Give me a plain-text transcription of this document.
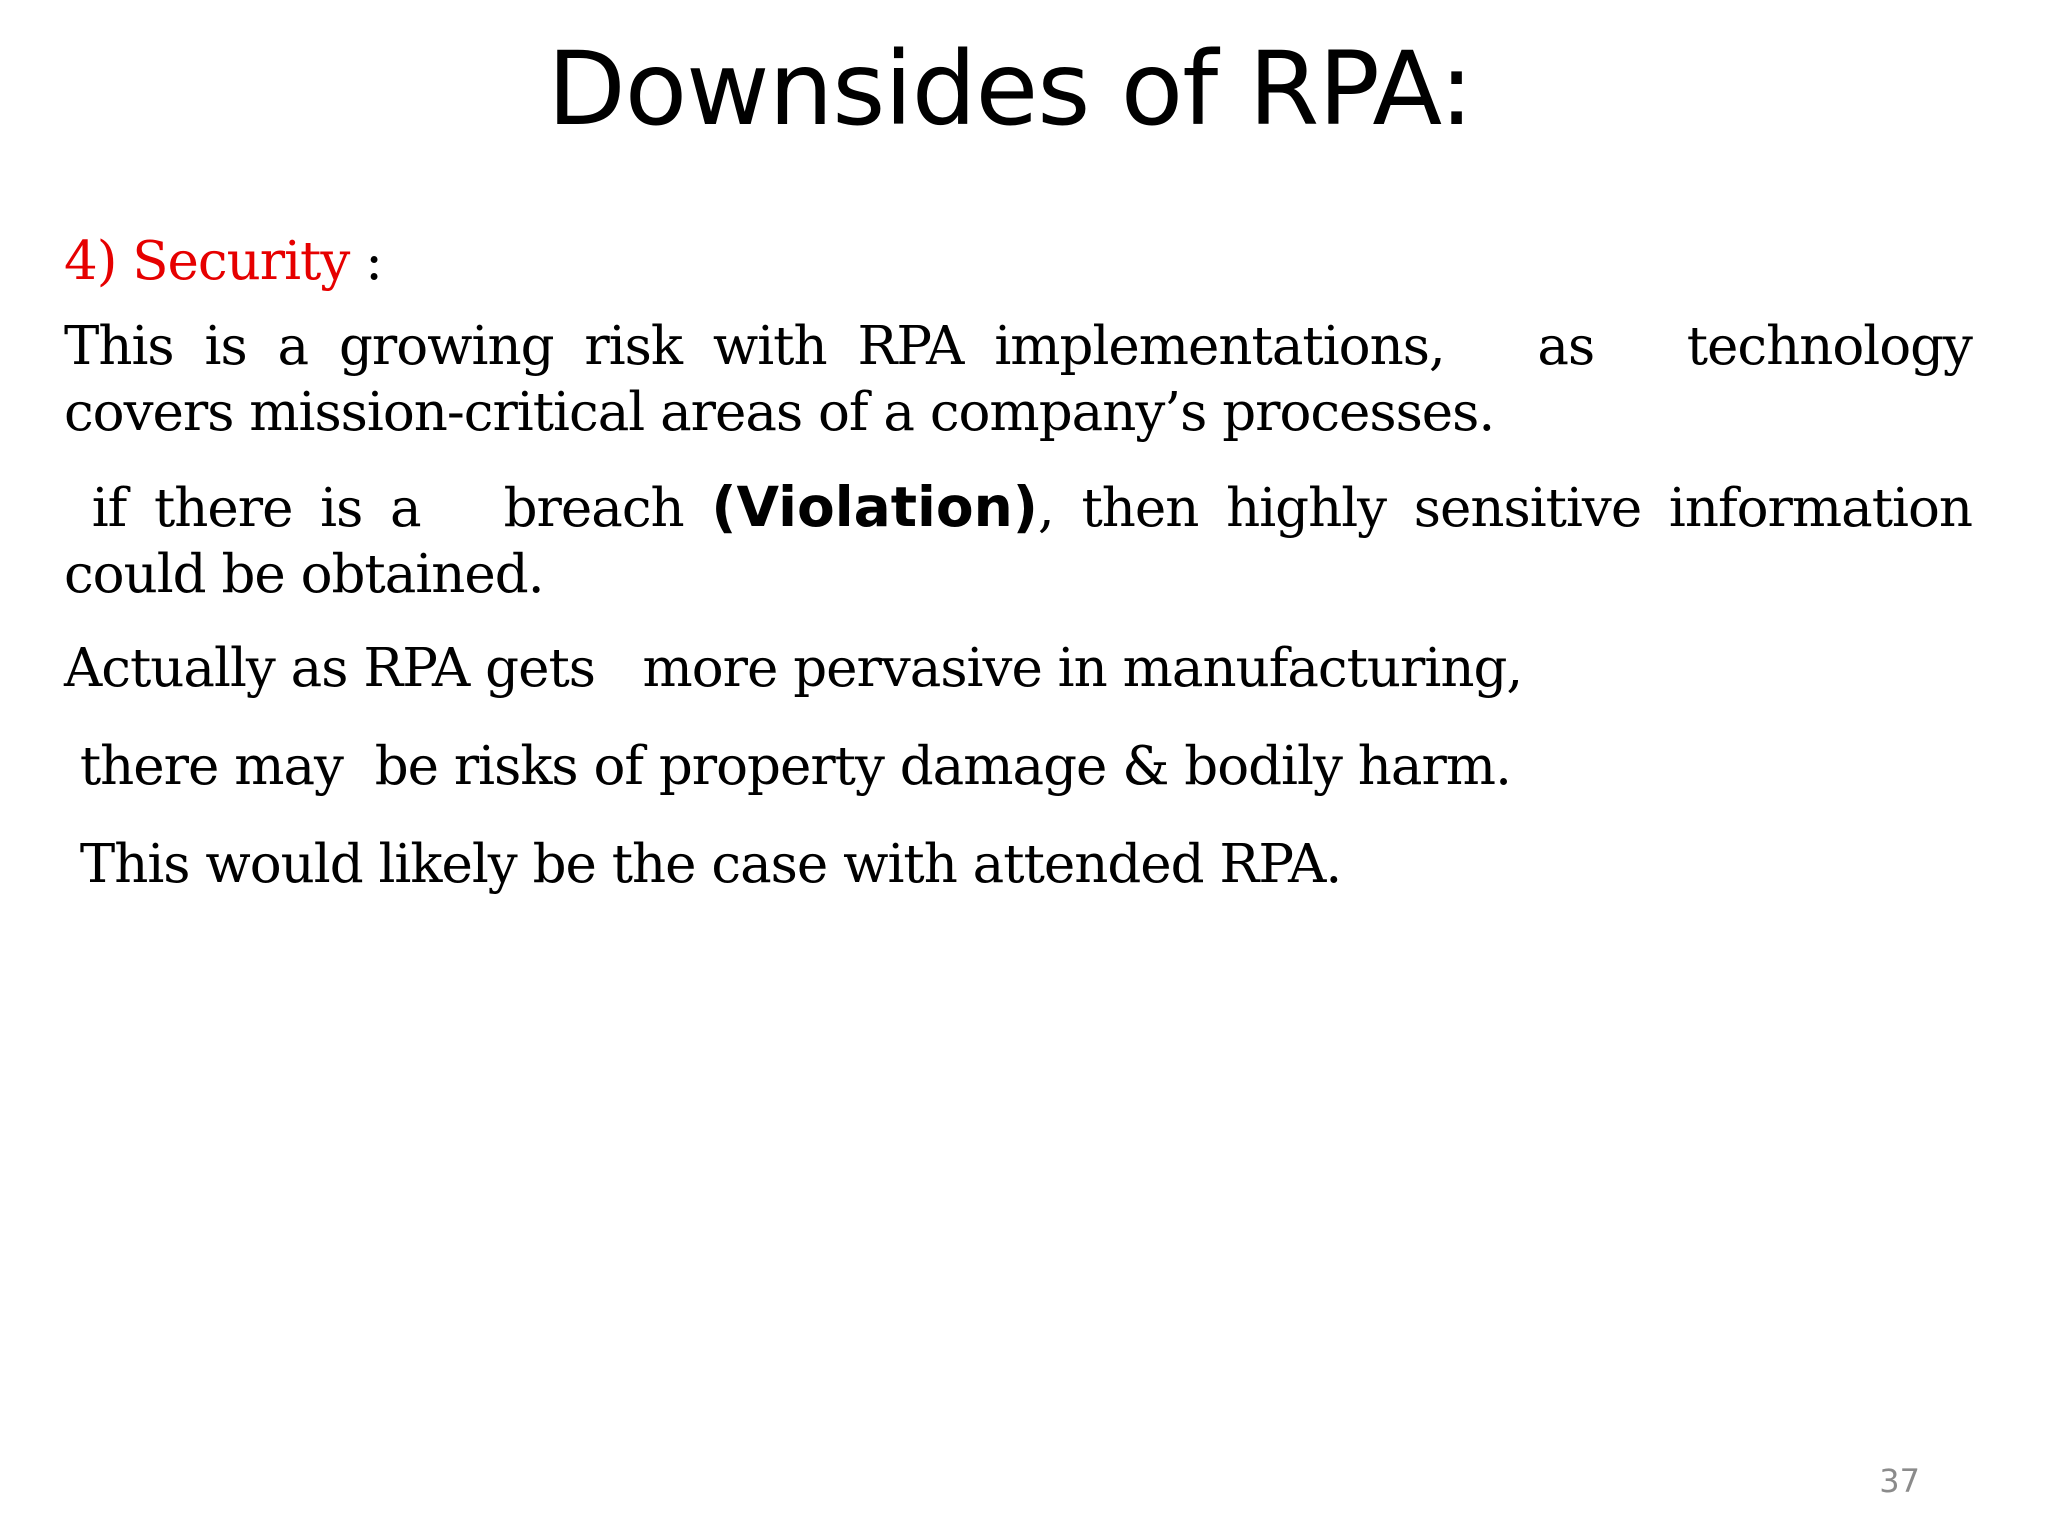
Downsides of RPA:

4) Security :

This is a growing risk with RPA implementations,   as   technology    covers mission-critical areas of a company’s processes.

if there is a   breach (Violation), then highly sensitive information could be obtained.

Actually as RPA gets   more pervasive in manufacturing,

there may  be risks of property damage & bodily harm.

This would likely be the case with attended RPA.

37
